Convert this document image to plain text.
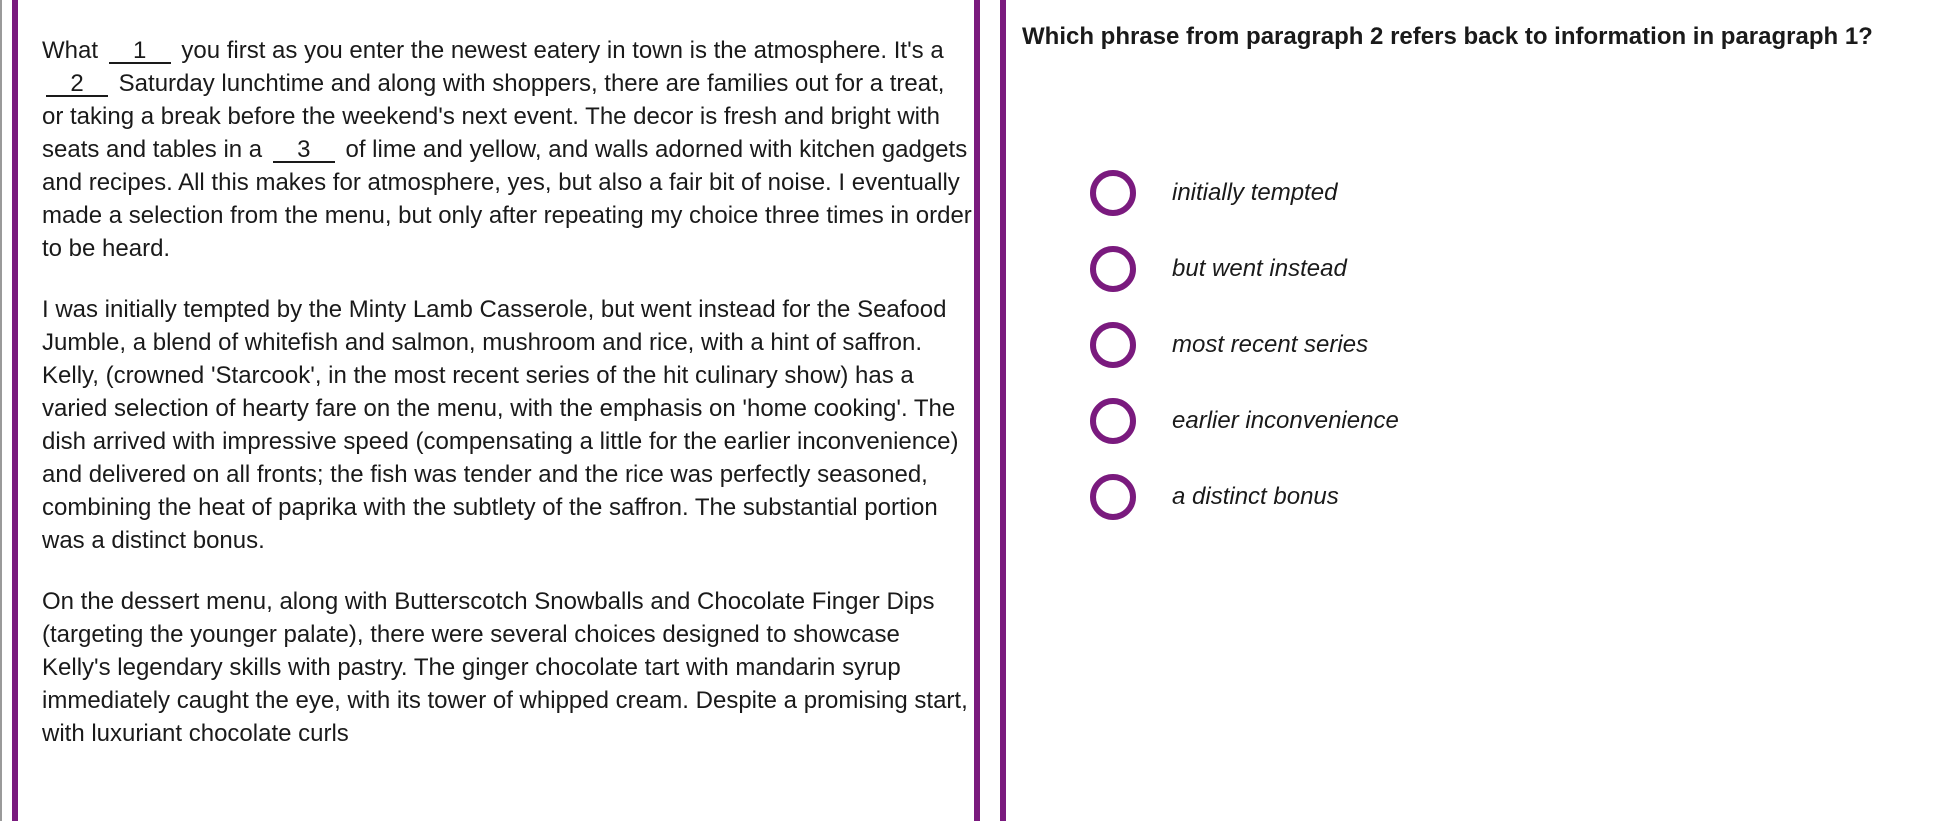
What 1 you first as you enter the newest eatery in town is the atmosphere. It's a 2 Saturday lunchtime and along with shoppers, there are families out for a treat, or taking a break before the weekend's next event. The decor is fresh and bright with seats and tables in a 3 of lime and yellow, and walls adorned with kitchen gadgets and recipes. All this makes for atmosphere, yes, but also a fair bit of noise. I eventually made a selection from the menu, but only after repeating my choice three times in order to be heard.

I was initially tempted by the Minty Lamb Casserole, but went instead for the Seafood Jumble, a blend of whitefish and salmon, mushroom and rice, with a hint of saffron. Kelly, (crowned 'Starcook', in the most recent series of the hit culinary show) has a varied selection of hearty fare on the menu, with the emphasis on 'home cooking'. The dish arrived with impressive speed (compensating a little for the earlier inconvenience) and delivered on all fronts; the fish was tender and the rice was perfectly seasoned, combining the heat of paprika with the subtlety of the saffron. The substantial portion was a distinct bonus.

On the dessert menu, along with Butterscotch Snowballs and Chocolate Finger Dips (targeting the younger palate), there were several choices designed to showcase Kelly's legendary skills with pastry. The ginger chocolate tart with mandarin syrup immediately caught the eye, with its tower of whipped cream. Despite a promising start, with luxuriant chocolate curls

Which phrase from paragraph 2 refers back to information in paragraph 1?

initially tempted
but went instead
most recent series
earlier inconvenience
a distinct bonus
